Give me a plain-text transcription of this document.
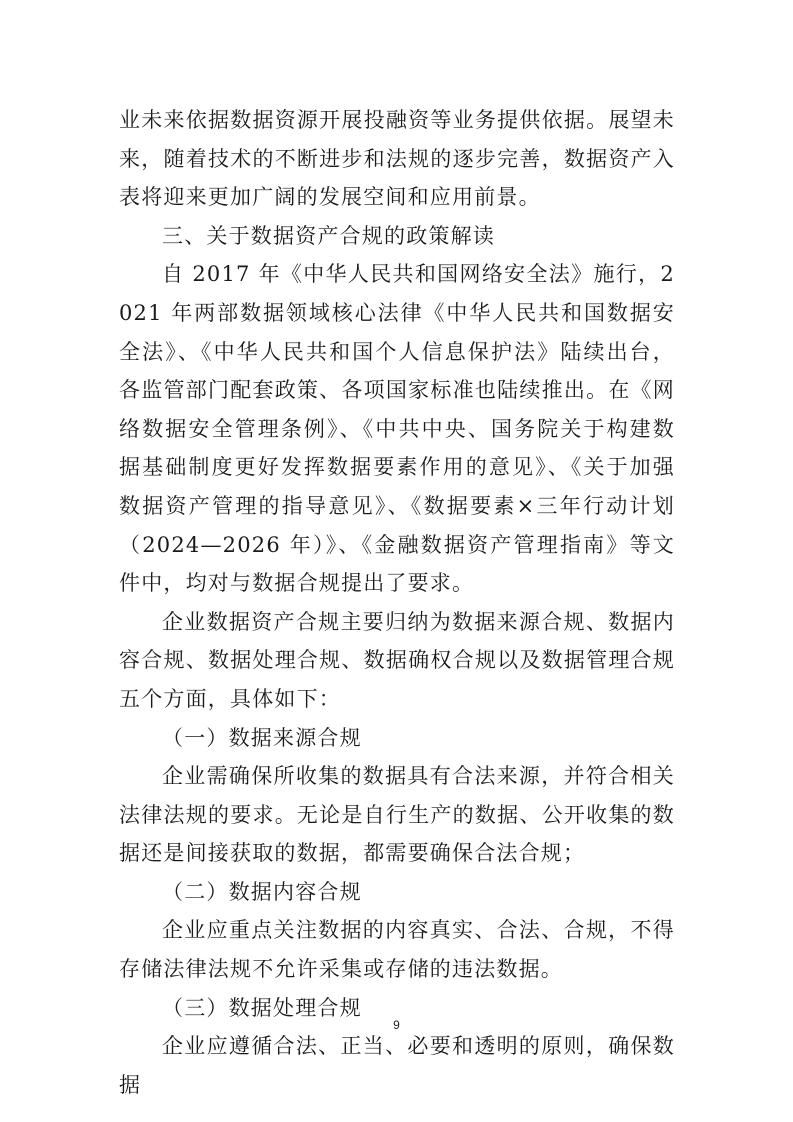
业未来依据数据资源开展投融资等业务提供依据。展望未来，随着技术的不断进步和法规的逐步完善，数据资产入表将迎来更加广阔的发展空间和应用前景。

三、关于数据资产合规的政策解读

自 2017 年《中华人民共和国网络安全法》施行，2021 年两部数据领域核心法律《中华人民共和国数据安全法》、《中华人民共和国个人信息保护法》陆续出台，各监管部门配套政策、各项国家标准也陆续推出。在《网络数据安全管理条例》、《中共中央、国务院关于构建数据基础制度更好发挥数据要素作用的意见》、《关于加强数据资产管理的指导意见》、《数据要素×三年行动计划（2024—2026 年）》、《金融数据资产管理指南》等文件中，均对与数据合规提出了要求。

企业数据资产合规主要归纳为数据来源合规、数据内容合规、数据处理合规、数据确权合规以及数据管理合规五个方面，具体如下：

（一）数据来源合规

企业需确保所收集的数据具有合法来源，并符合相关法律法规的要求。无论是自行生产的数据、公开收集的数据还是间接获取的数据，都需要确保合法合规；

（二）数据内容合规

企业应重点关注数据的内容真实、合法、合规，不得存储法律法规不允许采集或存储的违法数据。

（三）数据处理合规

企业应遵循合法、正当、必要和透明的原则，确保数据

9
